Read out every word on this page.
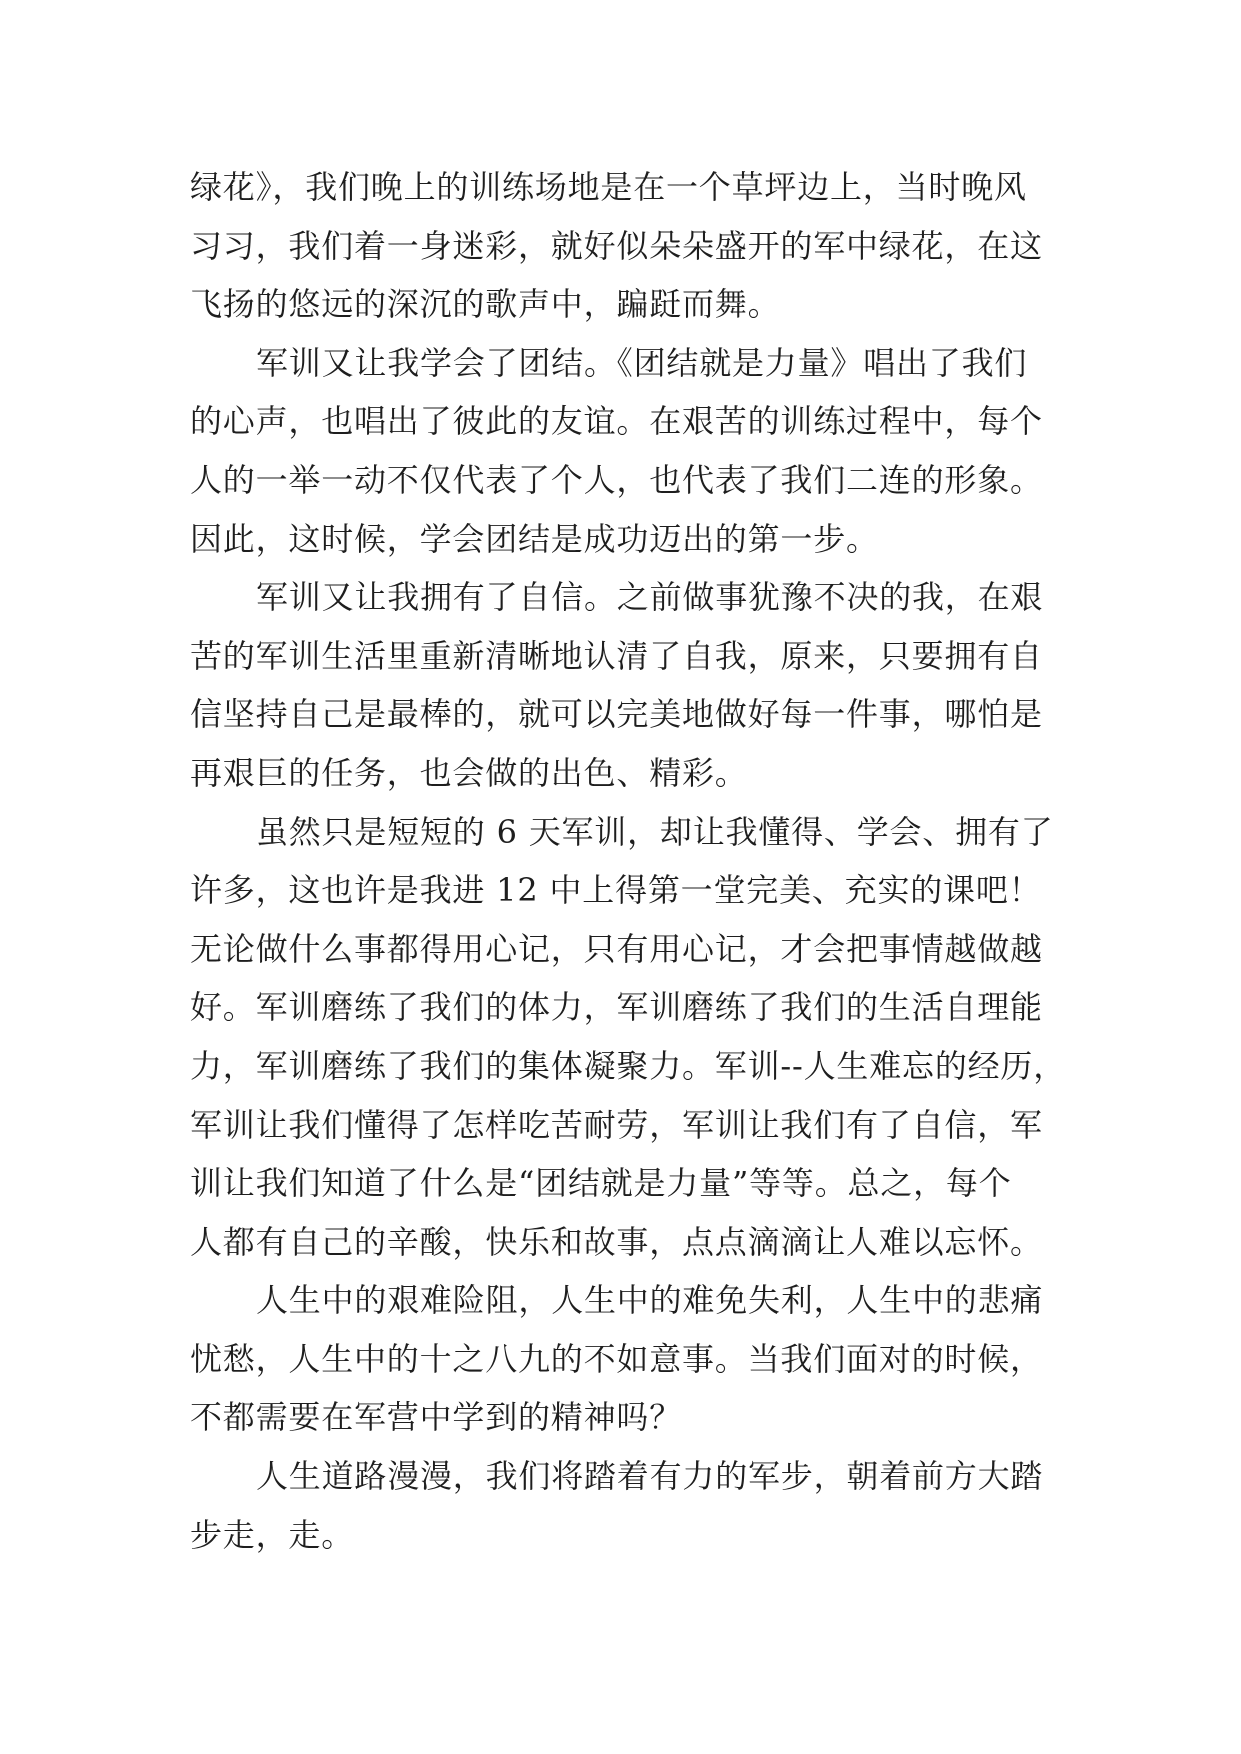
绿花》，我们晚上的训练场地是在一个草坪边上，当时晚风
习习，我们着一身迷彩，就好似朵朵盛开的军中绿花，在这
飞扬的悠远的深沉的歌声中，蹁跹而舞。
军训又让我学会了团结。《团结就是力量》唱出了我们
的心声，也唱出了彼此的友谊。在艰苦的训练过程中，每个
人的一举一动不仅代表了个人，也代表了我们二连的形象。
因此，这时候，学会团结是成功迈出的第一步。
军训又让我拥有了自信。之前做事犹豫不决的我，在艰
苦的军训生活里重新清晰地认清了自我，原来，只要拥有自
信坚持自己是最棒的，就可以完美地做好每一件事，哪怕是
再艰巨的任务，也会做的出色、精彩。
虽然只是短短的 6 天军训，却让我懂得、学会、拥有了
许多，这也许是我进 12 中上得第一堂完美、充实的课吧！
无论做什么事都得用心记，只有用心记，才会把事情越做越
好。军训磨练了我们的体力，军训磨练了我们的生活自理能
力，军训磨练了我们的集体凝聚力。军训--人生难忘的经历，
军训让我们懂得了怎样吃苦耐劳，军训让我们有了自信，军
训让我们知道了什么是“团结就是力量”等等。总之，每个
人都有自己的辛酸，快乐和故事，点点滴滴让人难以忘怀。
人生中的艰难险阻，人生中的难免失利，人生中的悲痛
忧愁，人生中的十之八九的不如意事。当我们面对的时候，
不都需要在军营中学到的精神吗？
人生道路漫漫，我们将踏着有力的军步，朝着前方大踏
步走，走。
